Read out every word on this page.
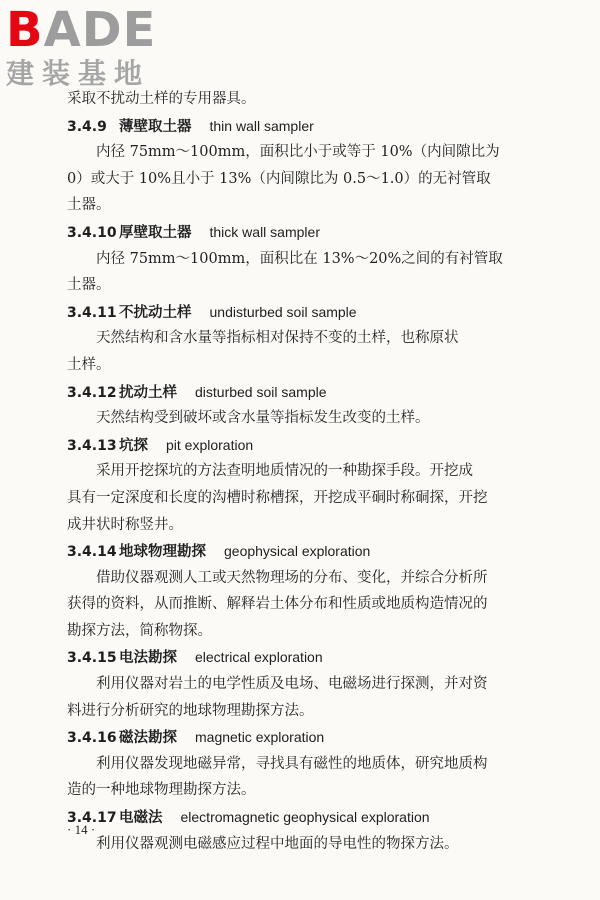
BADE
建装基地
采取不扰动土样的专用器具。
3.4.9 薄壁取土器 thin wall sampler
内径 75mm～100mm，面积比小于或等于 10%（内间隙比为
0）或大于 10%且小于 13%（内间隙比为 0.5～1.0）的无衬管取
土器。
3.4.10 厚壁取土器 thick wall sampler
内径 75mm～100mm，面积比在 13%～20%之间的有衬管取
土器。
3.4.11 不扰动土样 undisturbed soil sample
天然结构和含水量等指标相对保持不变的土样，也称原状
土样。
3.4.12 扰动土样 disturbed soil sample
天然结构受到破坏或含水量等指标发生改变的土样。
3.4.13 坑探 pit exploration
采用开挖探坑的方法查明地质情况的一种勘探手段。开挖成
具有一定深度和长度的沟槽时称槽探，开挖成平硐时称硐探，开挖
成井状时称竖井。
3.4.14 地球物理勘探 geophysical exploration
借助仪器观测人工或天然物理场的分布、变化，并综合分析所
获得的资料，从而推断、解释岩土体分布和性质或地质构造情况的
勘探方法，简称物探。
3.4.15 电法勘探 electrical exploration
利用仪器对岩土的电学性质及电场、电磁场进行探测，并对资
料进行分析研究的地球物理勘探方法。
3.4.16 磁法勘探 magnetic exploration
利用仪器发现地磁异常，寻找具有磁性的地质体，研究地质构
造的一种地球物理勘探方法。
3.4.17 电磁法 electromagnetic geophysical exploration
利用仪器观测电磁感应过程中地面的导电性的物探方法。
· 14 ·
